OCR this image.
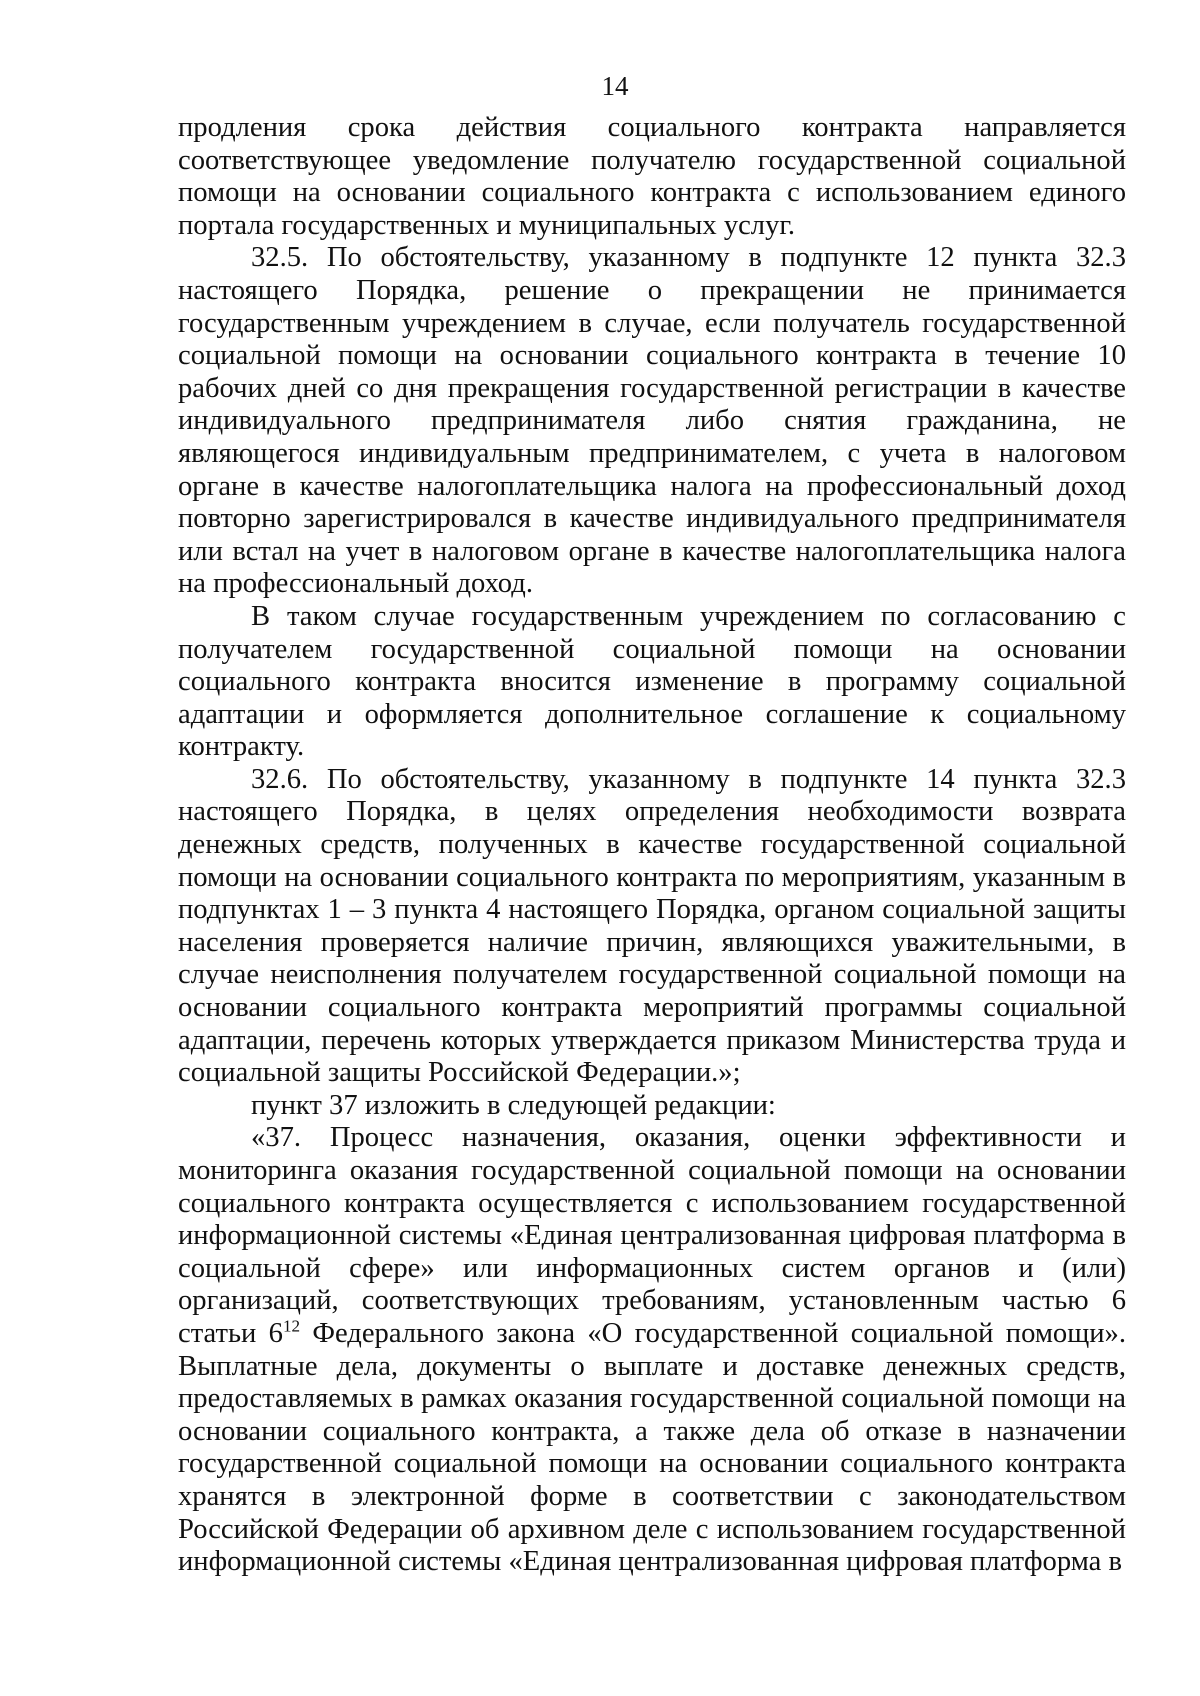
14

продления срока действия социального контракта направляется соответствующее уведомление получателю государственной социальной помощи на основании социального контракта с использованием единого портала государственных и муниципальных услуг.

32.5. По обстоятельству, указанному в подпункте 12 пункта 32.3 настоящего Порядка, решение о прекращении не принимается государственным учреждением в случае, если получатель государственной социальной помощи на основании социального контракта в течение 10 рабочих дней со дня прекращения государственной регистрации в качестве индивидуального предпринимателя либо снятия гражданина, не являющегося индивидуальным предпринимателем, с учета в налоговом органе в качестве налогоплательщика налога на профессиональный доход повторно зарегистрировался в качестве индивидуального предпринимателя или встал на учет в налоговом органе в качестве налогоплательщика налога на профессиональный доход.

В таком случае государственным учреждением по согласованию с получателем государственной социальной помощи на основании социального контракта вносится изменение в программу социальной адаптации и оформляется дополнительное соглашение к социальному контракту.

32.6. По обстоятельству, указанному в подпункте 14 пункта 32.3 настоящего Порядка, в целях определения необходимости возврата денежных средств, полученных в качестве государственной социальной помощи на основании социального контракта по мероприятиям, указанным в подпунктах 1 – 3 пункта 4 настоящего Порядка, органом социальной защиты населения проверяется наличие причин, являющихся уважительными, в случае неисполнения получателем государственной социальной помощи на основании социального контракта мероприятий программы социальной адаптации, перечень которых утверждается приказом Министерства труда и социальной защиты Российской Федерации.»;

пункт 37 изложить в следующей редакции:

«37. Процесс назначения, оказания, оценки эффективности и мониторинга оказания государственной социальной помощи на основании социального контракта осуществляется с использованием государственной информационной системы «Единая централизованная цифровая платформа в социальной сфере» или информационных систем органов и (или) организаций, соответствующих требованиям, установленным частью 6 статьи $6^{12}$ Федерального закона «О государственной социальной помощи». Выплатные дела, документы о выплате и доставке денежных средств, предоставляемых в рамках оказания государственной социальной помощи на основании социального контракта, а также дела об отказе в назначении государственной социальной помощи на основании социального контракта хранятся в электронной форме в соответствии с законодательством Российской Федерации об архивном деле с использованием государственной информационной системы «Единая централизованная цифровая платформа в
